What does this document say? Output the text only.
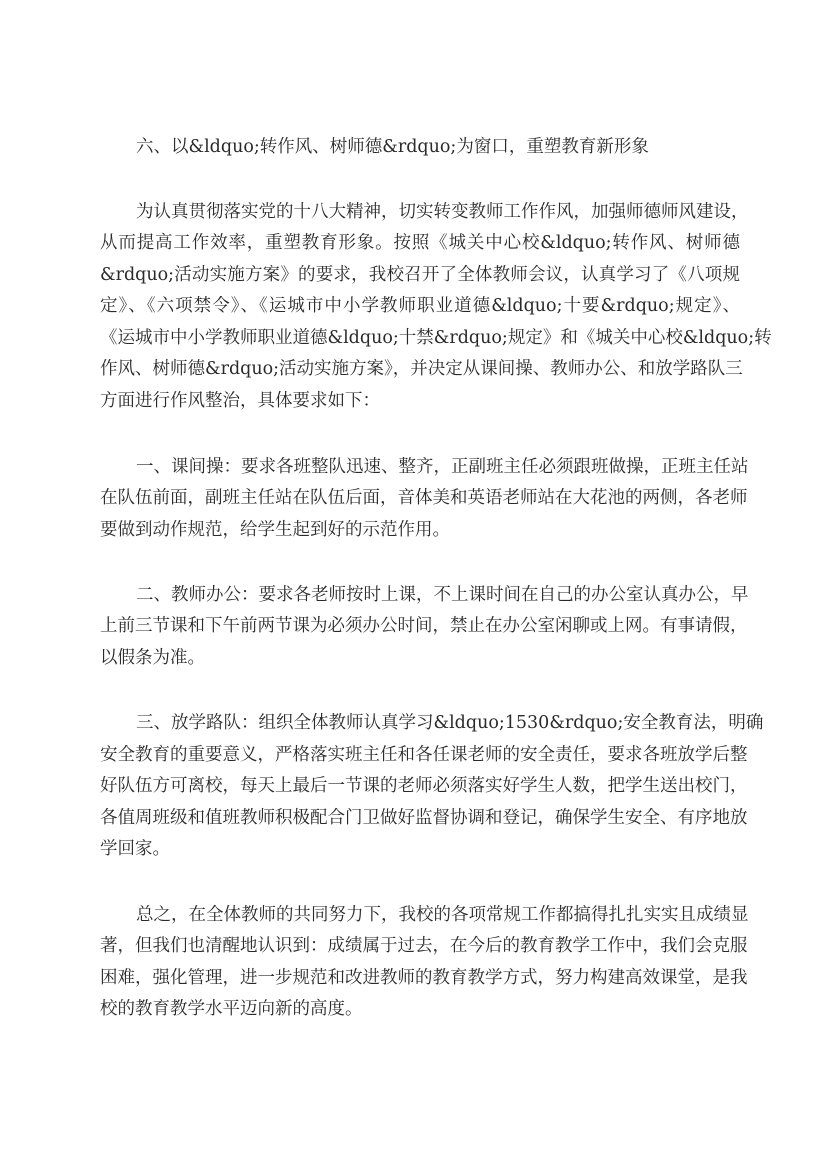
六、以&ldquo;转作风、树师德&rdquo;为窗口，重塑教育新形象
为认真贯彻落实党的十八大精神，切实转变教师工作作风，加强师德师风建设，
从而提高工作效率，重塑教育形象。按照《城关中心校&ldquo;转作风、树师德
&rdquo;活动实施方案》的要求，我校召开了全体教师会议，认真学习了《八项规
定》、《六项禁令》、《运城市中小学教师职业道德&ldquo;十要&rdquo;规定》、
《运城市中小学教师职业道德&ldquo;十禁&rdquo;规定》和《城关中心校&ldquo;转
作风、树师德&rdquo;活动实施方案》，并决定从课间操、教师办公、和放学路队三
方面进行作风整治，具体要求如下：
一、课间操：要求各班整队迅速、整齐，正副班主任必须跟班做操，正班主任站
在队伍前面，副班主任站在队伍后面，音体美和英语老师站在大花池的两侧，各老师
要做到动作规范，给学生起到好的示范作用。
二、教师办公：要求各老师按时上课，不上课时间在自己的办公室认真办公，早
上前三节课和下午前两节课为必须办公时间，禁止在办公室闲聊或上网。有事请假，
以假条为准。
三、放学路队：组织全体教师认真学习&ldquo;1530&rdquo;安全教育法，明确
安全教育的重要意义，严格落实班主任和各任课老师的安全责任，要求各班放学后整
好队伍方可离校，每天上最后一节课的老师必须落实好学生人数，把学生送出校门，
各值周班级和值班教师积极配合门卫做好监督协调和登记，确保学生安全、有序地放
学回家。
总之，在全体教师的共同努力下，我校的各项常规工作都搞得扎扎实实且成绩显
著，但我们也清醒地认识到：成绩属于过去，在今后的教育教学工作中，我们会克服
困难，强化管理，进一步规范和改进教师的教育教学方式，努力构建高效课堂，是我
校的教育教学水平迈向新的高度。
